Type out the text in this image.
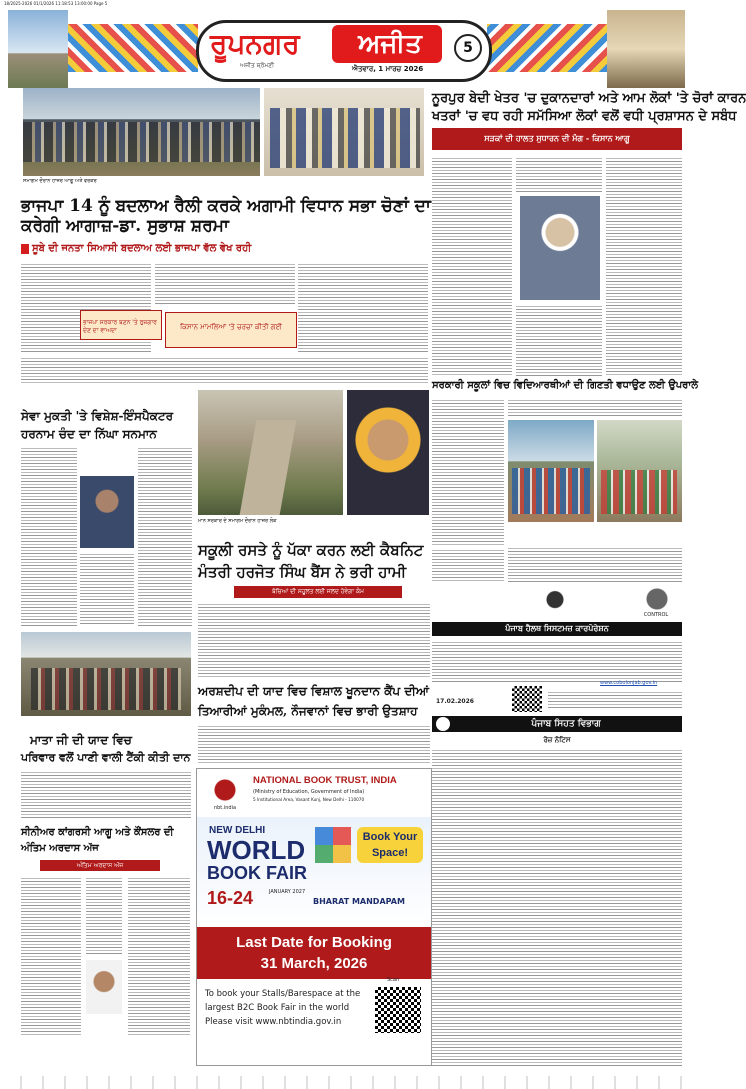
18/2025-2026 01/1/2026 11:18:53 13:00:00 Page 5
ਰੂਪਨਗਰ	ਅਜੀਤ
ਅਜੀਤ ਸ਼੍ਰੋਮਣੀ	ਐਤਵਾਰ, 1 ਮਾਰਚ 2026
5
ਸਮਾਗਮ ਦੌਰਾਨ ਹਾਜ਼ਰ ਆਗੂ ਅਤੇ ਵਰਕਰ
ਨੂਰਪੁਰ ਬੇਦੀ ਖੇਤਰ 'ਚ ਦੁਕਾਨਦਾਰਾਂ ਅਤੇ ਆਮ ਲੋਕਾਂ 'ਤੇ ਚੋਰਾਂ ਕਾਰਨ
ਖਤਰਾਂ 'ਚ ਵਧ ਰਹੀ ਸਮੱਸਿਆ ਲੋਕਾਂ ਵਲੋਂ ਵਧੀ ਪ੍ਰਸ਼ਾਸਨ ਦੇ ਸਬੰਧ
ਸੜਕਾਂ ਦੀ ਹਾਲਤ ਸੁਧਾਰਨ ਦੀ ਮੰਗ - ਕਿਸਾਨ ਆਗੂ
ਭਾਜਪਾ 14 ਨੂੰ ਬਦਲਾਅ ਰੈਲੀ ਕਰਕੇ ਅਗਾਮੀ ਵਿਧਾਨ ਸਭਾ ਚੋਣਾਂ ਦਾ ਕਰੇਗੀ ਆਗਾਜ਼-ਡਾ. ਸੁਭਾਸ਼ ਸ਼ਰਮਾ
ਸੂਬੇ ਦੀ ਜਨਤਾ ਸਿਆਸੀ ਬਦਲਾਅ ਲਈ ਭਾਜਪਾ ਵੱਲ ਵੇਖ ਰਹੀ
ਭਾਜਪਾ ਸਰਕਾਰ ਬਣਨ 'ਤੇ ਰੁਜ਼ਗਾਰ ਦੇਣ ਦਾ ਵਾਅਦਾ	ਕਿਸਾਨ ਮਾਮਲਿਆਂ 'ਤੇ ਚਰਚਾ ਕੀਤੀ ਗਈ
ਸਰਕਾਰੀ ਸਕੂਲਾਂ ਵਿਚ ਵਿਦਿਆਰਥੀਆਂ ਦੀ ਗਿਣਤੀ ਵਧਾਉਣ ਲਈ ਉਪਰਾਲੇ
ਸੇਵਾ ਮੁਕਤੀ 'ਤੇ ਵਿਸ਼ੇਸ਼-ਇੰਸਪੈਕਟਰ
ਹਰਨਾਮ ਚੰਦ ਦਾ ਨਿੱਘਾ ਸਨਮਾਨ
ਮਾਨ ਸਰਕਾਰ ਦੇ ਸਮਾਗਮ ਦੌਰਾਨ ਹਾਜ਼ਰ ਲੋਕ
ਸਕੂਲੀ ਰਸਤੇ ਨੂੰ ਪੱਕਾ ਕਰਨ ਲਈ ਕੈਬਨਿਟ
ਮੰਤਰੀ ਹਰਜੋਤ ਸਿੰਘ ਬੈਂਸ ਨੇ ਭਰੀ ਹਾਮੀ
ਬੱਚਿਆਂ ਦੀ ਸਹੂਲਤ ਲਈ ਜਲਦ ਹੋਵੇਗਾ ਕੰਮ
ਮਾਤਾ ਜੀ ਦੀ ਯਾਦ ਵਿਚ
ਪਰਿਵਾਰ ਵਲੋਂ ਪਾਣੀ ਵਾਲੀ ਟੈਂਕੀ ਕੀਤੀ ਦਾਨ
ਅਰਸ਼ਦੀਪ ਦੀ ਯਾਦ ਵਿਚ ਵਿਸ਼ਾਲ ਖੂਨਦਾਨ ਕੈਂਪ ਦੀਆਂ
ਤਿਆਰੀਆਂ ਮੁਕੰਮਲ, ਨੌਜਵਾਨਾਂ ਵਿਚ ਭਾਰੀ ਉਤਸ਼ਾਹ
ਸੀਨੀਅਰ ਕਾਂਗਰਸੀ ਆਗੂ ਅਤੇ ਕੌਂਸਲਰ ਦੀ
ਅੰਤਿਮ ਅਰਦਾਸ ਅੱਜ
ਅੰਤਿਮ ਅਰਦਾਸ ਅੱਜ
nbt.india
NATIONAL BOOK TRUST, INDIA
(Ministry of Education, Government of India)
5 Institutional Area, Vasant Kunj, New Delhi - 110070
NEW DELHI
WORLD
BOOK FAIR
Book Your Space!
16-24	JANUARY 2027
BHARAT MANDAPAM
Last Date for Booking
31 March, 2026
To book your Stalls/Barespace at the
largest B2C Book Fair in the world
Please visit www.nbtindia.gov.in
Scan
CONTROL
ਪੰਜਾਬ ਹੈਲਥ ਸਿਸਟਮਜ਼ ਕਾਰਪੋਰੇਸ਼ਨ
www.cobolonjab.gov.in
17.02.2026
ਪੰਜਾਬ ਸਿਹਤ ਵਿਭਾਗ
ਰੋਜ਼ ਨੋਟਿਸ
